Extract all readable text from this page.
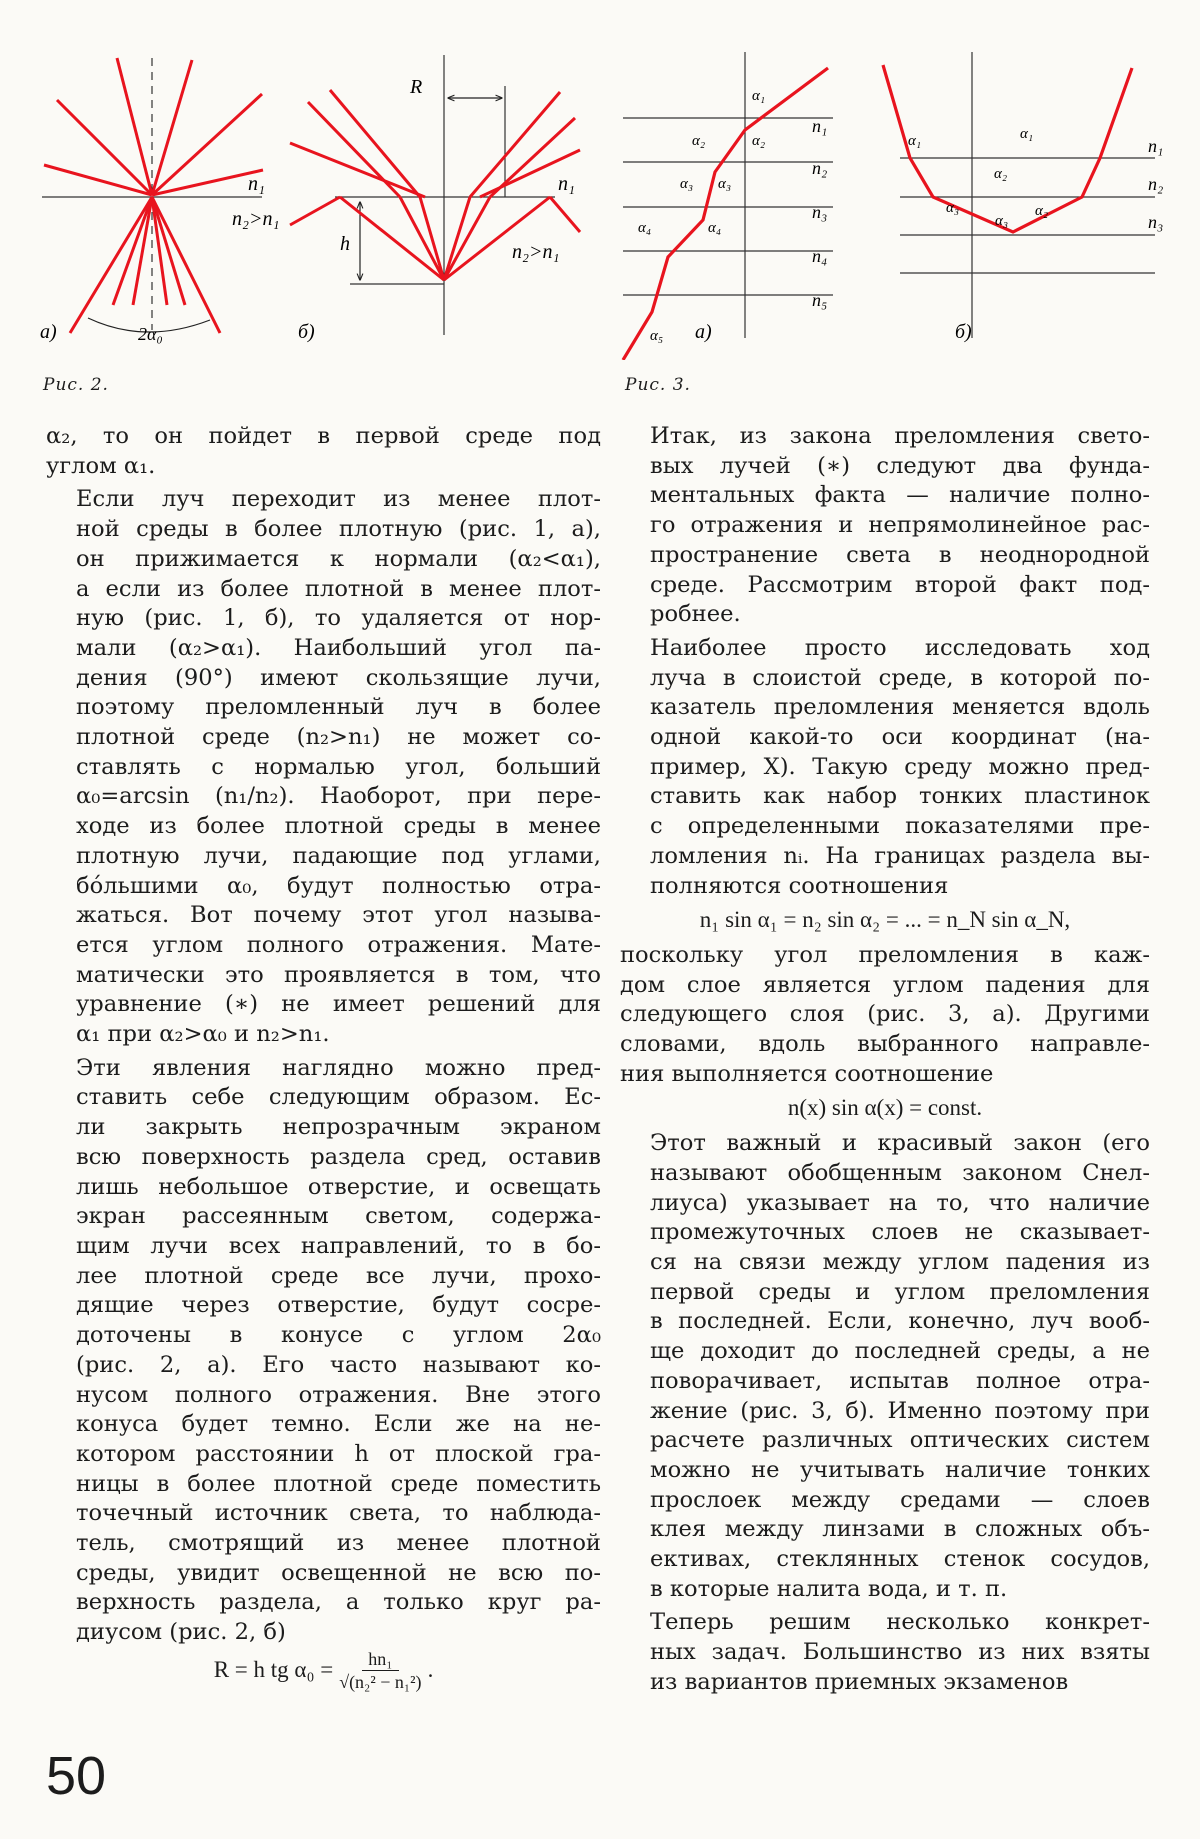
n₁
n₂>n₁
2α₀
а)
R
h
n₁
n₂>n₁
б)
Рис. 2.
n₁
n₂
n₃
n₄
n₅
α₁
α₂	α₂
α₃ α₃
α₄	α₄
α₅ а)
n₁
n₂
n₃
α₁	α₁
α₂
α₂
α₃
α₃
б)
Рис. 3.

α₂, то он пойдет в первой среде под
углом α₁.

Если луч переходит из менее плот-
ной среды в более плотную (рис. 1, а),
он прижимается к нормали (α₂<α₁),
а если из более плотной в менее плот-
ную (рис. 1, б), то удаляется от нор-
мали (α₂>α₁). Наибольший угол па-
дения (90°) имеют скользящие лучи,
поэтому преломленный луч в более
плотной среде (n₂>n₁) не может со-
ставлять с нормалью угол, больший
α₀=arcsin (n₁/n₂). Наоборот, при пере-
ходе из более плотной среды в менее
плотную лучи, падающие под углами,
бо́льшими α₀, будут полностью отра-
жаться. Вот почему этот угол называ-
ется углом полного отражения. Мате-
матически это проявляется в том, что
уравнение (∗) не имеет решений для
α₁ при α₂>α₀ и n₂>n₁.

Эти явления наглядно можно пред-
ставить себе следующим образом. Ес-
ли закрыть непрозрачным экраном
всю поверхность раздела сред, оставив
лишь небольшое отверстие, и освещать
экран рассеянным светом, содержа-
щим лучи всех направлений, то в бо-
лее плотной среде все лучи, прохо-
дящие через отверстие, будут сосре-
доточены в конусе с углом 2α₀
(рис. 2, а). Его часто называют ко-
нусом полного отражения. Вне этого
конуса будет темно. Если же на не-
котором расстоянии h от плоской гра-
ницы в более плотной среде поместить
точечный источник света, то наблюда-
тель, смотрящий из менее плотной
среды, увидит освещенной не всю по-
верхность раздела, а только круг ра-
диусом (рис. 2, б)

R = h tg $\alpha_0 = \frac{\text{hn₁}}{\text{√(n₂² − n₁²)}}$ .

Итак, из закона преломления свето-
вых лучей (∗) следуют два фунда-
ментальных факта — наличие полно-
го отражения и непрямолинейное рас-
пространение света в неоднородной
среде. Рассмотрим второй факт под-
робнее.

Наиболее просто исследовать ход
луча в слоистой среде, в которой по-
казатель преломления меняется вдоль
одной какой-то оси координат (на-
пример, X). Такую среду можно пред-
ставить как набор тонких пластинок
с определенными показателями пре-
ломления nᵢ. На границах раздела вы-
полняются соотношения

n₁ sin α₁ = n₂ sin α₂ = ... = n_N sin α_N,

поскольку угол преломления в каж-
дом слое является углом падения для
следующего слоя (рис. 3, а). Другими
словами, вдоль выбранного направле-
ния выполняется соотношение

n(x) sin α(x) = const.

Этот важный и красивый закон (его
называют обобщенным законом Снел-
лиуса) указывает на то, что наличие
промежуточных слоев не сказывает-
ся на связи между углом падения из
первой среды и углом преломления
в последней. Если, конечно, луч вооб-
ще доходит до последней среды, а не
поворачивает, испытав полное отра-
жение (рис. 3, б). Именно поэтому при
расчете различных оптических систем
можно не учитывать наличие тонких
прослоек между средами — слоев
клея между линзами в сложных объ-
ективах, стеклянных стенок сосудов,
в которые налита вода, и т. п.

Теперь решим несколько конкрет-
ных задач. Большинство из них взяты
из вариантов приемных экзаменов

50
